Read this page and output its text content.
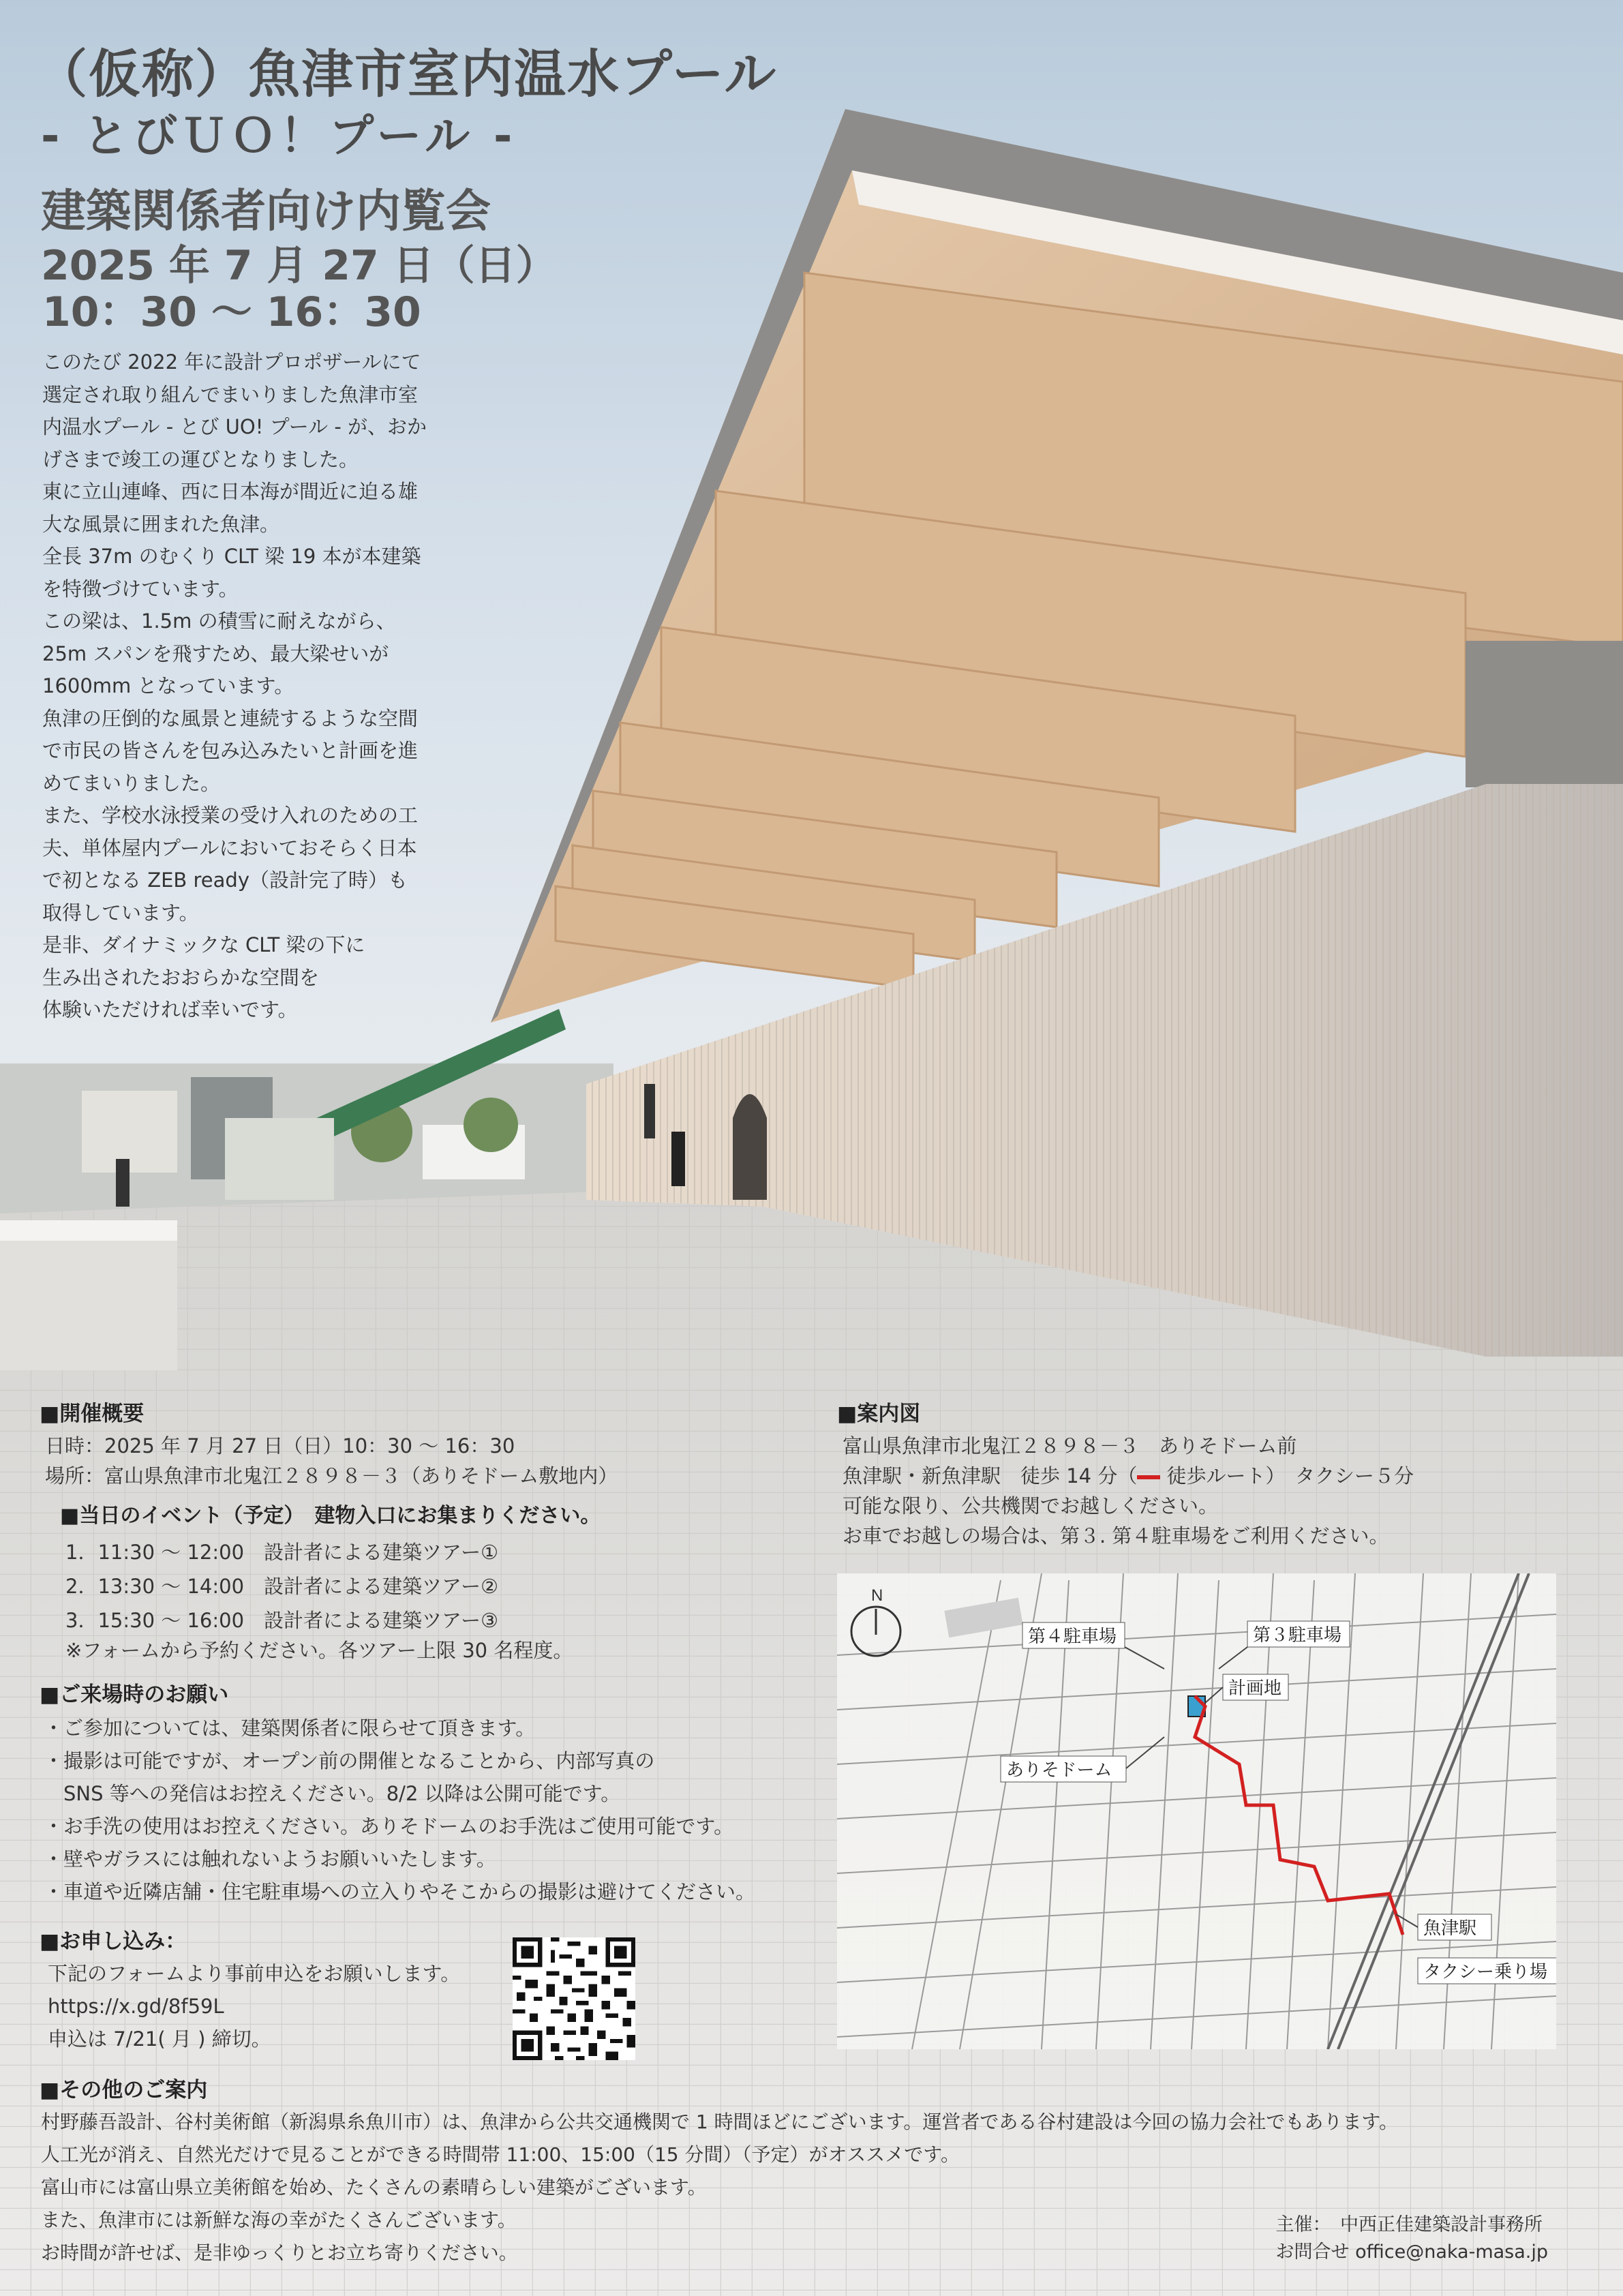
（仮称）魚津市室内温水プール
- とびＵＯ！プール -
建築関係者向け内覧会
2025 年 7 月 27 日（日）
10：30 〜 16：30
このたび 2022 年に設計プロポザールにて
選定され取り組んでまいりました魚津市室
内温水プール - とび UO! プール - が、おか
げさまで竣工の運びとなりました。
東に立山連峰、西に日本海が間近に迫る雄
大な風景に囲まれた魚津。
全長 37m のむくり CLT 梁 19 本が本建築
を特徴づけています。
この梁は、1.5m の積雪に耐えながら、
25m スパンを飛すため、最大梁せいが
1600mm となっています。
魚津の圧倒的な風景と連続するような空間
で市民の皆さんを包み込みたいと計画を進
めてまいりました。
また、学校水泳授業の受け入れのための工
夫、単体屋内プールにおいておそらく日本
で初となる ZEB ready（設計完了時）も
取得しています。
是非、ダイナミックな CLT 梁の下に
生み出されたおおらかな空間を
体験いただければ幸いです。
■開催概要
日時：2025 年 7 月 27 日（日）10：30 〜 16：30
場所：富山県魚津市北鬼江２８９８－３（ありそドーム敷地内）
■当日のイベント（予定）　建物入口にお集まりください。
1．11:30 〜 12:00　設計者による建築ツアー①
2．13:30 〜 14:00　設計者による建築ツアー②
3．15:30 〜 16:00　設計者による建築ツアー③
※フォームから予約ください。各ツアー上限 30 名程度。
■ご来場時のお願い
・ご参加については、建築関係者に限らせて頂きます。
・撮影は可能ですが、オープン前の開催となることから、内部写真の
　SNS 等への発信はお控えください。8/2 以降は公開可能です。
・お手洗の使用はお控えください。ありそドームのお手洗はご使用可能です。
・壁やガラスには触れないようお願いいたします。
・車道や近隣店舗・住宅駐車場への立入りやそこからの撮影は避けてください。
■お申し込み：
下記のフォームより事前申込をお願いします。
https://x.gd/8f59L
申込は 7/21( 月 ) 締切。
■その他のご案内
村野藤吾設計、谷村美術館（新潟県糸魚川市）は、魚津から公共交通機関で 1 時間ほどにございます。運営者である谷村建設は今回の協力会社でもあります。
人工光が消え、自然光だけで見ることができる時間帯 11:00、15:00（15 分間）（予定）がオススメです。
富山市には富山県立美術館を始め、たくさんの素晴らしい建築がございます。
また、魚津市には新鮮な海の幸がたくさんございます。
お時間が許せば、是非ゆっくりとお立ち寄りください。
■案内図
富山県魚津市北鬼江２８９８－３　ありそドーム前
魚津駅・新魚津駅　徒歩 14 分（ 徒歩ルート）　タクシー５分
可能な限り、公共機関でお越しください。
お車でお越しの場合は、第３. 第４駐車場をご利用ください。
N
第４駐車場	第３駐車場
計画地
ありそドーム
魚津駅
タクシー乗り場
主催：　中西正佳建築設計事務所
お問合せ office@naka-masa.jp
